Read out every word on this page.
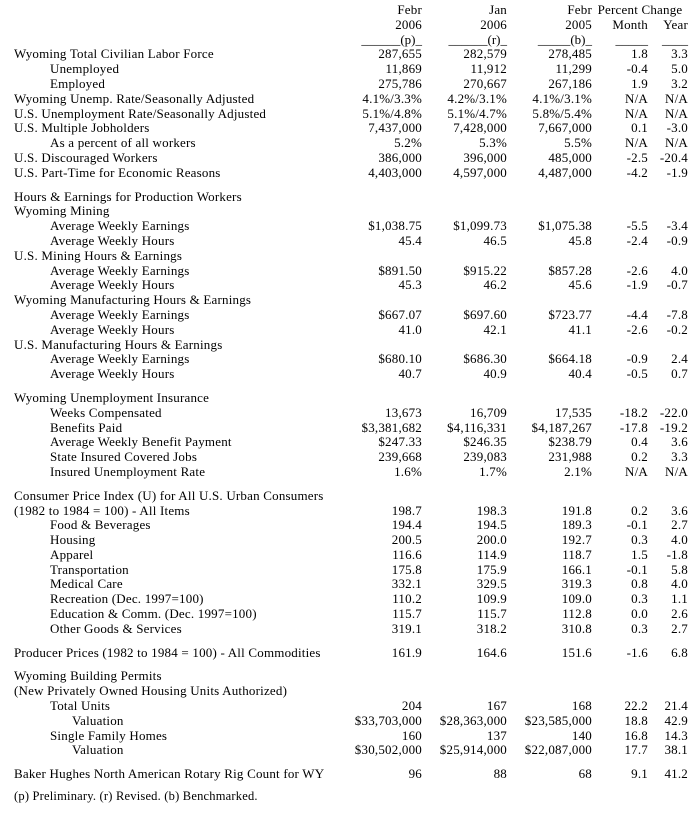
	Febr	Jan	Febr	Percent Change	
	2006	2006	2005	Month	Year
	______(p)_	______(r)_	_____(b)_	_____	____
Wyoming Total Civilian Labor Force	287,655	282,579	278,485	1.8	3.3
Unemployed	11,869	11,912	11,299	-0.4	5.0
Employed	275,786	270,667	267,186	1.9	3.2
Wyoming Unemp. Rate/Seasonally Adjusted	4.1%/3.3%	4.2%/3.1%	4.1%/3.1%	N/A	N/A
U.S. Unemployment Rate/Seasonally Adjusted	5.1%/4.8%	5.1%/4.7%	5.8%/5.4%	N/A	N/A
U.S. Multiple Jobholders	7,437,000	7,428,000	7,667,000	0.1	-3.0
As a percent of all workers	5.2%	5.3%	5.5%	N/A	N/A
U.S. Discouraged Workers	386,000	396,000	485,000	-2.5	-20.4
U.S. Part-Time for Economic Reasons	4,403,000	4,597,000	4,487,000	-4.2	-1.9

Hours & Earnings for Production Workers					
Wyoming Mining					
Average Weekly Earnings	$1,038.75	$1,099.73	$1,075.38	-5.5	-3.4
Average Weekly Hours	45.4	46.5	45.8	-2.4	-0.9
U.S. Mining Hours & Earnings					
Average Weekly Earnings	$891.50	$915.22	$857.28	-2.6	4.0
Average Weekly Hours	45.3	46.2	45.6	-1.9	-0.7
Wyoming Manufacturing Hours & Earnings					
Average Weekly Earnings	$667.07	$697.60	$723.77	-4.4	-7.8
Average Weekly Hours	41.0	42.1	41.1	-2.6	-0.2
U.S. Manufacturing Hours & Earnings					
Average Weekly Earnings	$680.10	$686.30	$664.18	-0.9	2.4
Average Weekly Hours	40.7	40.9	40.4	-0.5	0.7

Wyoming Unemployment Insurance					
Weeks Compensated	13,673	16,709	17,535	-18.2	-22.0
Benefits Paid	$3,381,682	$4,116,331	$4,187,267	-17.8	-19.2
Average Weekly Benefit Payment	$247.33	$246.35	$238.79	0.4	3.6
State Insured Covered Jobs	239,668	239,083	231,988	0.2	3.3
Insured Unemployment Rate	1.6%	1.7%	2.1%	N/A	N/A

Consumer Price Index (U) for All U.S. Urban Consumers					
(1982 to 1984 = 100) - All Items	198.7	198.3	191.8	0.2	3.6
Food & Beverages	194.4	194.5	189.3	-0.1	2.7
Housing	200.5	200.0	192.7	0.3	4.0
Apparel	116.6	114.9	118.7	1.5	-1.8
Transportation	175.8	175.9	166.1	-0.1	5.8
Medical Care	332.1	329.5	319.3	0.8	4.0
Recreation (Dec. 1997=100)	110.2	109.9	109.0	0.3	1.1
Education & Comm. (Dec. 1997=100)	115.7	115.7	112.8	0.0	2.6
Other Goods & Services	319.1	318.2	310.8	0.3	2.7

Producer Prices (1982 to 1984 = 100) - All Commodities	161.9	164.6	151.6	-1.6	6.8

Wyoming Building Permits					
(New Privately Owned Housing Units Authorized)					
Total Units	204	167	168	22.2	21.4
Valuation	$33,703,000	$28,363,000	$23,585,000	18.8	42.9
Single Family Homes	160	137	140	16.8	14.3
Valuation	$30,502,000	$25,914,000	$22,087,000	17.7	38.1

Baker Hughes North American Rotary Rig Count for WY	96	88	68	9.1	41.2
(p) Preliminary. (r) Revised. (b) Benchmarked.
